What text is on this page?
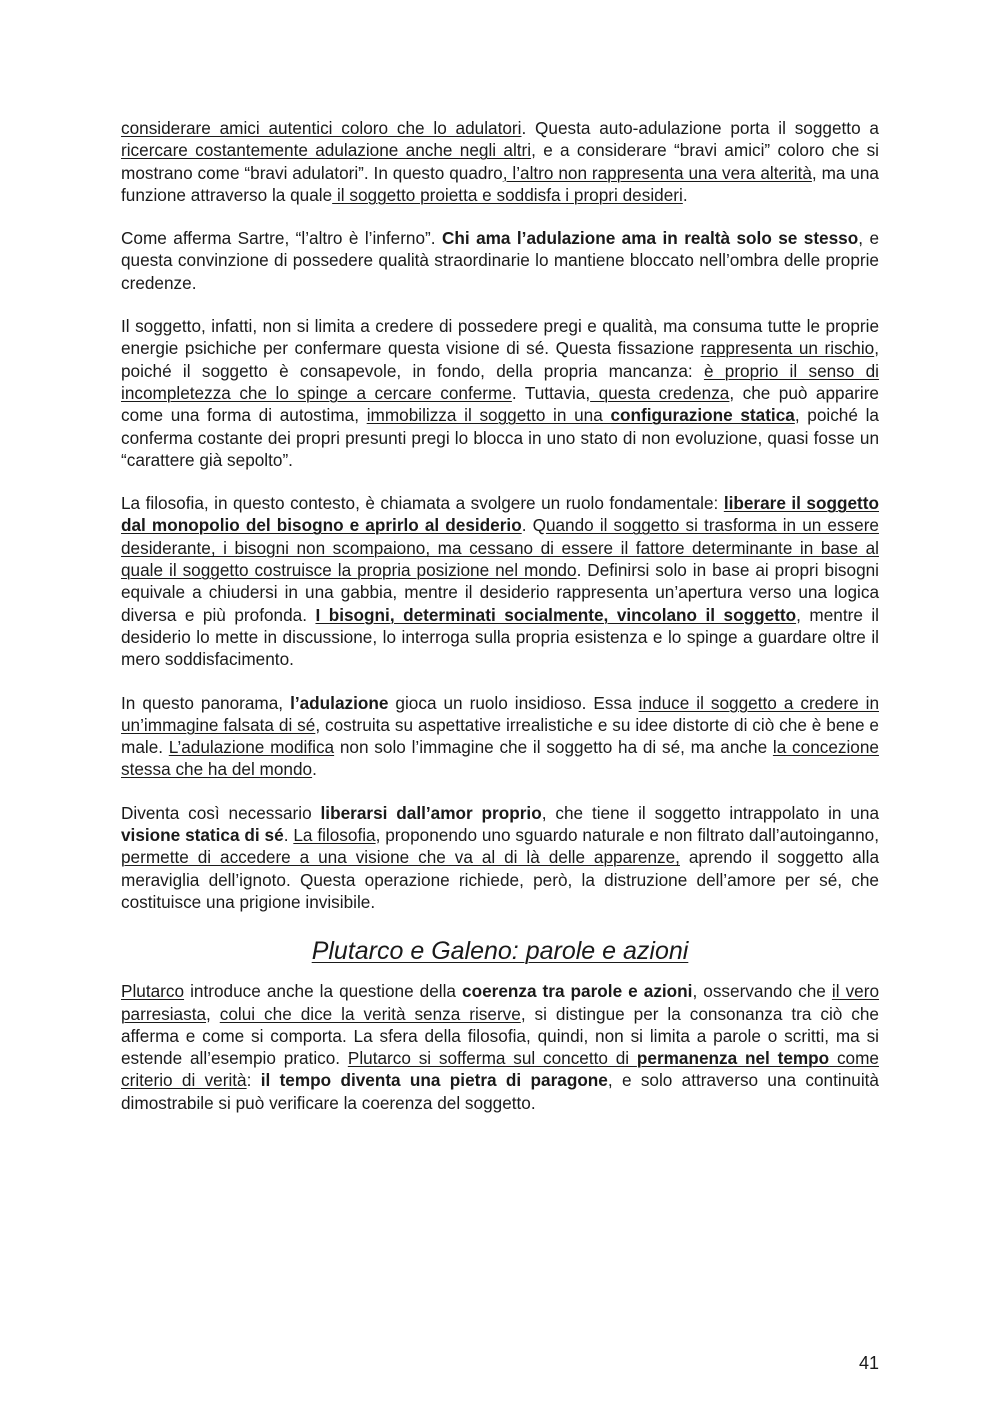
considerare amici autentici coloro che lo adulatori. Questa auto-adulazione porta il soggetto a ricercare costantemente adulazione anche negli altri, e a considerare “bravi amici” coloro che si mostrano come “bravi adulatori”. In questo quadro, l’altro non rappresenta una vera alterità, ma una funzione attraverso la quale il soggetto proietta e soddisfa i propri desideri.

Come afferma Sartre, “l’altro è l’inferno”. Chi ama l’adulazione ama in realtà solo se stesso, e questa convinzione di possedere qualità straordinarie lo mantiene bloccato nell’ombra delle proprie credenze.

Il soggetto, infatti, non si limita a credere di possedere pregi e qualità, ma consuma tutte le proprie energie psichiche per confermare questa visione di sé. Questa fissazione rappresenta un rischio, poiché il soggetto è consapevole, in fondo, della propria mancanza: è proprio il senso di incompletezza che lo spinge a cercare conferme. Tuttavia, questa credenza, che può apparire come una forma di autostima, immobilizza il soggetto in una configurazione statica, poiché la conferma costante dei propri presunti pregi lo blocca in uno stato di non evoluzione, quasi fosse un “carattere già sepolto”.

La filosofia, in questo contesto, è chiamata a svolgere un ruolo fondamentale: liberare il soggetto dal monopolio del bisogno e aprirlo al desiderio. Quando il soggetto si trasforma in un essere desiderante, i bisogni non scompaiono, ma cessano di essere il fattore determinante in base al quale il soggetto costruisce la propria posizione nel mondo. Definirsi solo in base ai propri bisogni equivale a chiudersi in una gabbia, mentre il desiderio rappresenta un’apertura verso una logica diversa e più profonda. I bisogni, determinati socialmente, vincolano il soggetto, mentre il desiderio lo mette in discussione, lo interroga sulla propria esistenza e lo spinge a guardare oltre il mero soddisfacimento.

In questo panorama, l’adulazione gioca un ruolo insidioso. Essa induce il soggetto a credere in un’immagine falsata di sé, costruita su aspettative irrealistiche e su idee distorte di ciò che è bene e male. L’adulazione modifica non solo l’immagine che il soggetto ha di sé, ma anche la concezione stessa che ha del mondo.

Diventa così necessario liberarsi dall’amor proprio, che tiene il soggetto intrappolato in una visione statica di sé. La filosofia, proponendo uno sguardo naturale e non filtrato dall’autoinganno, permette di accedere a una visione che va al di là delle apparenze, aprendo il soggetto alla meraviglia dell’ignoto. Questa operazione richiede, però, la distruzione dell’amore per sé, che costituisce una prigione invisibile.

Plutarco e Galeno: parole e azioni

Plutarco introduce anche la questione della coerenza tra parole e azioni, osservando che il vero parresiasta, colui che dice la verità senza riserve, si distingue per la consonanza tra ciò che afferma e come si comporta. La sfera della filosofia, quindi, non si limita a parole o scritti, ma si estende all’esempio pratico. Plutarco si sofferma sul concetto di permanenza nel tempo come criterio di verità: il tempo diventa una pietra di paragone, e solo attraverso una continuità dimostrabile si può verificare la coerenza del soggetto.

41
